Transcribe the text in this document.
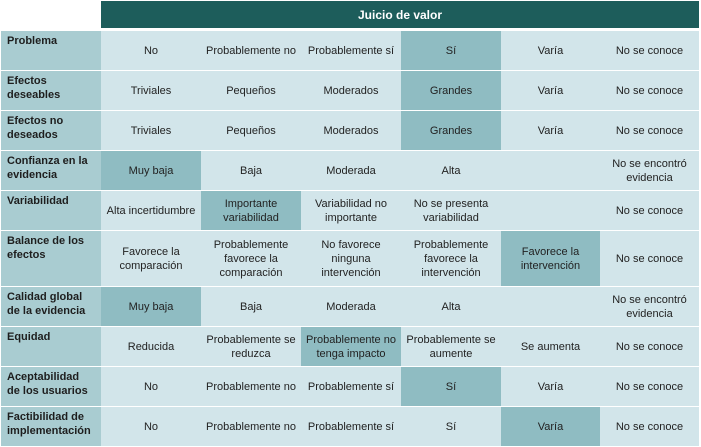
Juicio de valor
Problema	No	Probablemente no	Probablemente sí	Sí	Varía	No se conoce
Efectos deseables	Triviales	Pequeños	Moderados	Grandes	Varía	No se conoce
Efectos no deseados	Triviales	Pequeños	Moderados	Grandes	Varía	No se conoce
Confianza en la evidencia	Muy baja	Baja	Moderada	Alta		No se encontró evidencia
Variabilidad	Alta incertidumbre	Importante variabilidad	Variabilidad no importante	No se presenta variabilidad		No se conoce
Balance de los efectos	Favorece la comparación	Probablemente favorece la comparación	No favorece ninguna intervención	Probablemente favorece la intervención	Favorece la intervención	No se conoce
Calidad global de la evidencia	Muy baja	Baja	Moderada	Alta		No se encontró evidencia
Equidad	Reducida	Probablemente se reduzca	Probablemente no tenga impacto	Probablemente se aumente	Se aumenta	No se conoce
Aceptabilidad de los usuarios	No	Probablemente no	Probablemente sí	Sí	Varía	No se conoce
Factibilidad de implementación	No	Probablemente no	Probablemente sí	Sí	Varía	No se conoce
